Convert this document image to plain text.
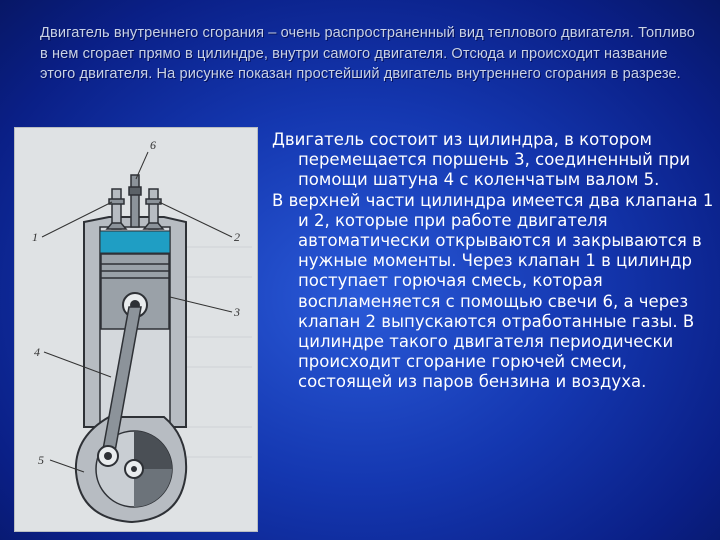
Двигатель внутреннего сгорания – очень распространенный вид теплового двигателя. Топливо в нем сгорает прямо в цилиндре, внутри самого двигателя. Отсюда и происходит название этого двигателя. На рисунке показан простейший двигатель внутреннего сгорания в разрезе.
6
1	2
3
4
5

Двигатель состоит из цилиндра, в котором перемещается поршень 3, соединенный при помощи шатуна 4 с коленчатым валом 5.

В верхней части цилиндра имеется два клапана 1 и 2, которые при работе двигателя автоматически открываются и закрываются в нужные моменты. Через клапан 1 в цилиндр поступает горючая смесь, которая воспламеняется с помощью свечи 6, а через клапан 2 выпускаются отработанные газы. В цилиндре такого двигателя периодически происходит сгорание горючей смеси, состоящей из паров бензина и воздуха.
